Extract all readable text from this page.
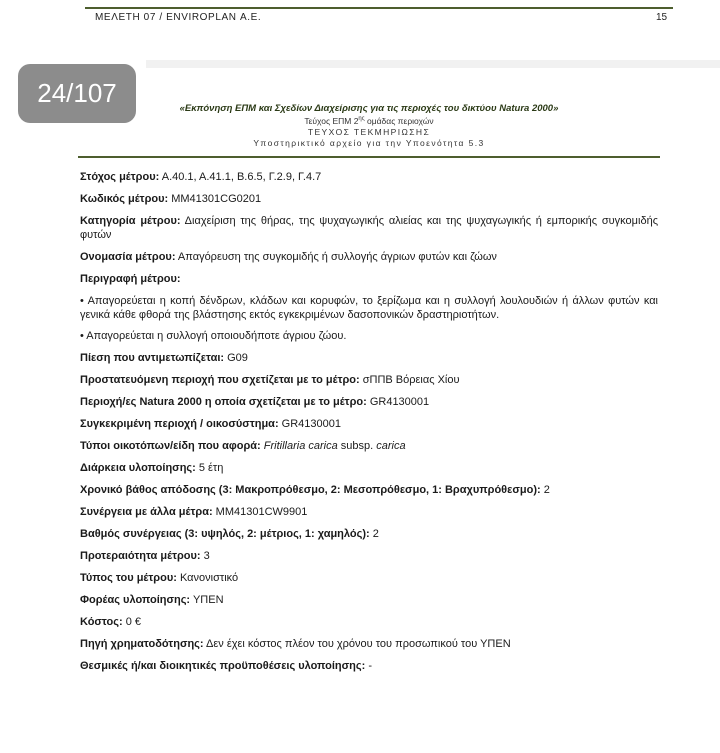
ΜΕΛΕΤΗ 07 / ENVIROPLAN Α.Ε.	15
24/107
«Εκπόνηση ΕΠΜ και Σχεδίων Διαχείρισης για τις περιοχές του δικτύου Natura 2000»
Τεύχος ΕΠΜ $2^{\eta\varsigma}$ ομάδας περιοχών
ΤΕΥΧΟΣ ΤΕΚΜΗΡΙΩΣΗΣ
Υποστηρικτικό αρχείο για την Υποενότητα 5.3

Στόχος μέτρου: Α.40.1, Α.41.1, Β.6.5, Γ.2.9, Γ.4.7

Κωδικός μέτρου: MM41301CG0201

Κατηγορία μέτρου: Διαχείριση της θήρας, της ψυχαγωγικής αλιείας και της ψυχαγωγικής ή εμπορικής συγκομιδής φυτών

Ονομασία μέτρου: Απαγόρευση της συγκομιδής ή συλλογής άγριων φυτών και ζώων

Περιγραφή μέτρου:

• Απαγορεύεται η κοπή δένδρων, κλάδων και κορυφών, το ξερίζωμα και η συλλογή λουλουδιών ή άλλων φυτών και γενικά κάθε φθορά της βλάστησης εκτός εγκεκριμένων δασοπονικών δραστηριοτήτων.

• Απαγορεύεται η συλλογή οποιουδήποτε άγριου ζώου.

Πίεση που αντιμετωπίζεται: G09

Προστατευόμενη περιοχή που σχετίζεται με το μέτρο: σΠΠΒ Βόρειας Χίου

Περιοχή/ες Natura 2000 η οποία σχετίζεται με το μέτρο: GR4130001

Συγκεκριμένη περιοχή / οικοσύστημα: GR4130001

Τύποι οικοτόπων/είδη που αφορά: Fritillaria carica subsp. carica

Διάρκεια υλοποίησης: 5 έτη

Χρονικό βάθος απόδοσης (3: Μακροπρόθεσμο, 2: Μεσοπρόθεσμο, 1: Βραχυπρόθεσμο): 2

Συνέργεια με άλλα μέτρα: MM41301CW9901

Βαθμός συνέργειας (3: υψηλός, 2: μέτριος, 1: χαμηλός): 2

Προτεραιότητα μέτρου: 3

Τύπος του μέτρου: Κανονιστικό

Φορέας υλοποίησης: ΥΠΕΝ

Κόστος: 0 €

Πηγή χρηματοδότησης: Δεν έχει κόστος πλέον του χρόνου του προσωπικού του ΥΠΕΝ

Θεσμικές ή/και διοικητικές προϋποθέσεις υλοποίησης: -
